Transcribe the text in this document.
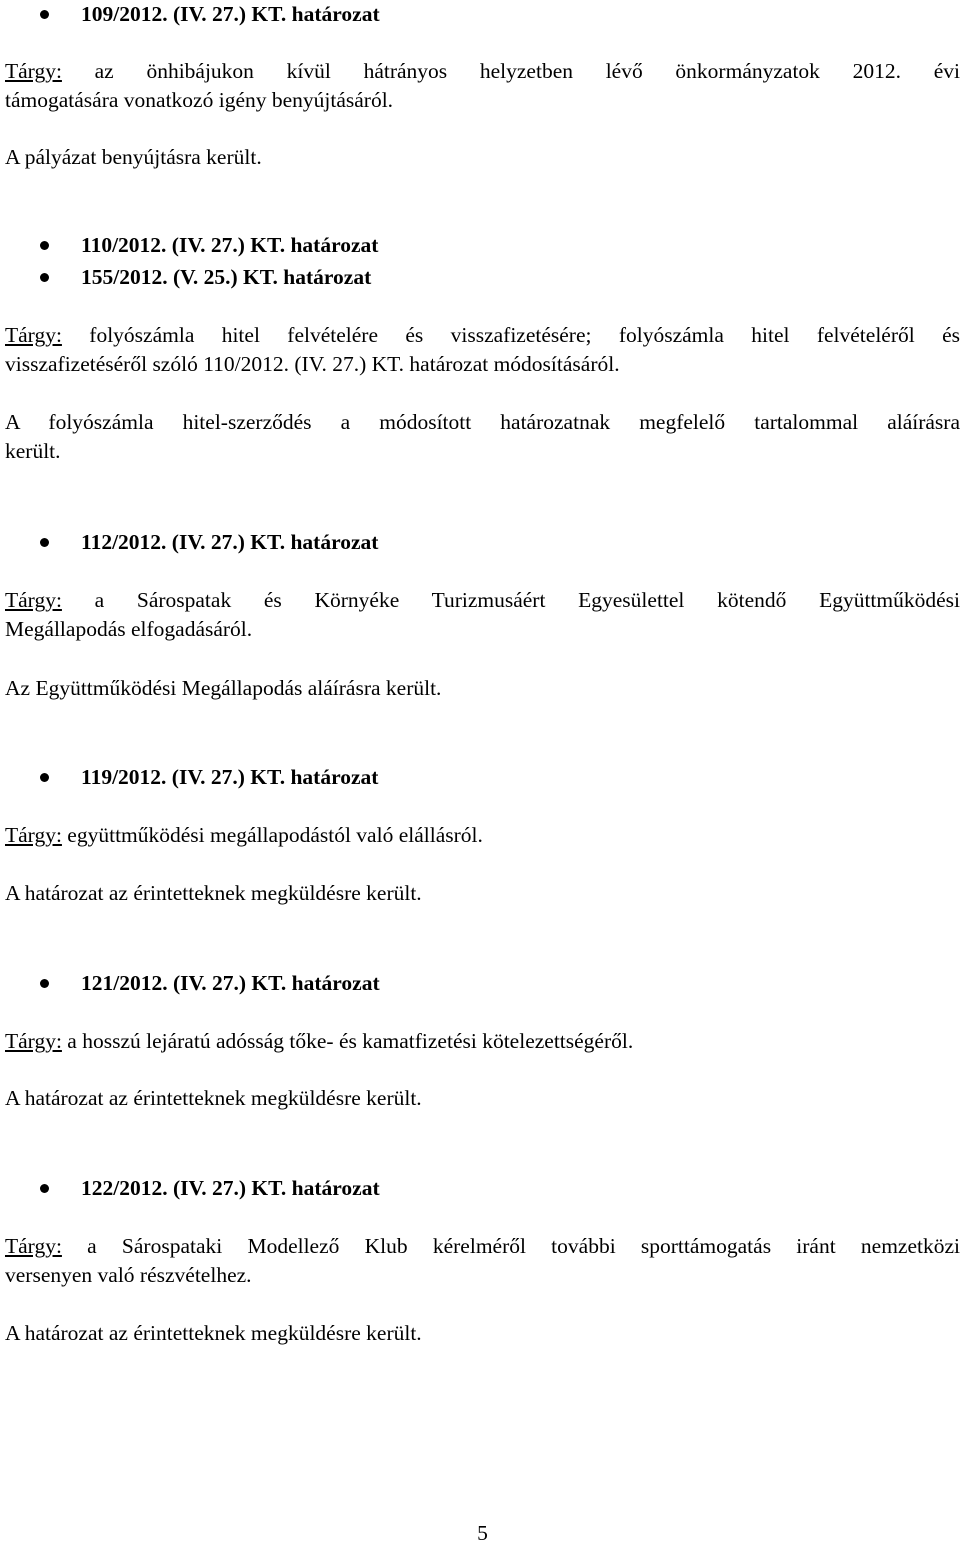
109/2012. (IV. 27.) KT. határozat
Tárgy: az önhibájukon kívül hátrányos helyzetben lévő önkormányzatok 2012. évi
támogatására vonatkozó igény benyújtásáról.
A pályázat benyújtásra került.
110/2012. (IV. 27.) KT. határozat
155/2012. (V. 25.) KT. határozat
Tárgy: folyószámla hitel felvételére és visszafizetésére; folyószámla hitel felvételéről és
visszafizetéséről szóló 110/2012. (IV. 27.) KT. határozat módosításáról.
A folyószámla hitel-szerződés a módosított határozatnak megfelelő tartalommal aláírásra
került.
112/2012. (IV. 27.) KT. határozat
Tárgy: a Sárospatak és Környéke Turizmusáért Egyesülettel kötendő Együttműködési
Megállapodás elfogadásáról.
Az Együttműködési Megállapodás aláírásra került.
119/2012. (IV. 27.) KT. határozat
Tárgy: együttműködési megállapodástól való elállásról.
A határozat az érintetteknek megküldésre került.
121/2012. (IV. 27.) KT. határozat
Tárgy: a hosszú lejáratú adósság tőke- és kamatfizetési kötelezettségéről.
A határozat az érintetteknek megküldésre került.
122/2012. (IV. 27.) KT. határozat
Tárgy: a Sárospataki Modellező Klub kérelméről további sporttámogatás iránt nemzetközi
versenyen való részvételhez.
A határozat az érintetteknek megküldésre került.
5
